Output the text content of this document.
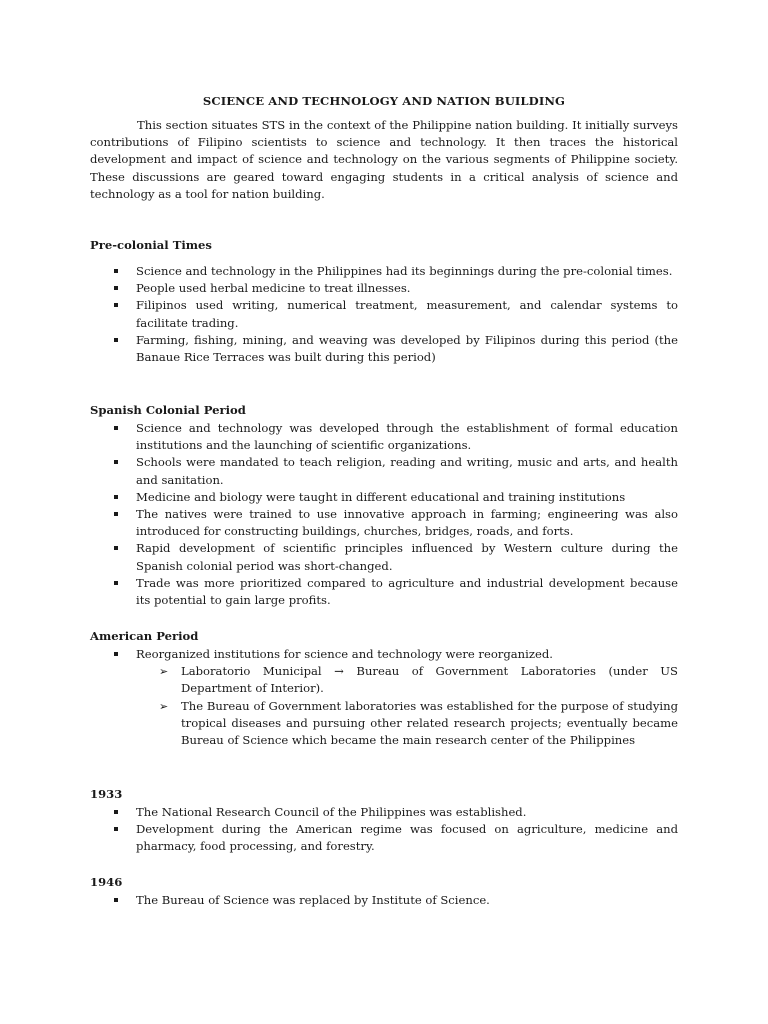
SCIENCE AND TECHNOLOGY AND NATION BUILDING

This section situates STS in the context of the Philippine nation building. It initially surveys contributions of Filipino scientists to science and technology. It then traces the historical development and impact of science and technology on the various segments of Philippine society. These discussions are geared toward engaging students in a critical analysis of science and technology as a tool for nation building.

Pre-colonial Times
Science and technology in the Philippines had its beginnings during the pre-colonial times.
People used herbal medicine to treat illnesses.
Filipinos used writing, numerical treatment, measurement, and calendar systems to facilitate trading.
Farming, fishing, mining, and weaving was developed by Filipinos during this period (the Banaue Rice Terraces was built during this period)
Spanish Colonial Period
Science and technology was developed through the establishment of formal education institutions and the launching of scientific organizations.
Schools were mandated to teach religion, reading and writing, music and arts, and health and sanitation.
Medicine and biology were taught in different educational and training institutions
The natives were trained to use innovative approach in farming; engineering was also introduced for constructing buildings, churches, bridges, roads, and forts.
Rapid development of scientific principles influenced by Western culture during the Spanish colonial period was short-changed.
Trade was more prioritized compared to agriculture and industrial development because its potential to gain large profits.
American Period
Reorganized institutions for science and technology were reorganized.
➢ Laboratorio Municipal → Bureau of Government Laboratories (under US Department of Interior).
➢ The Bureau of Government laboratories was established for the purpose of studying tropical diseases and pursuing other related research projects; eventually became Bureau of Science which became the main research center of the Philippines
1933
The National Research Council of the Philippines was established.
Development during the American regime was focused on agriculture, medicine and pharmacy, food processing, and forestry.
1946
The Bureau of Science was replaced by Institute of Science.
